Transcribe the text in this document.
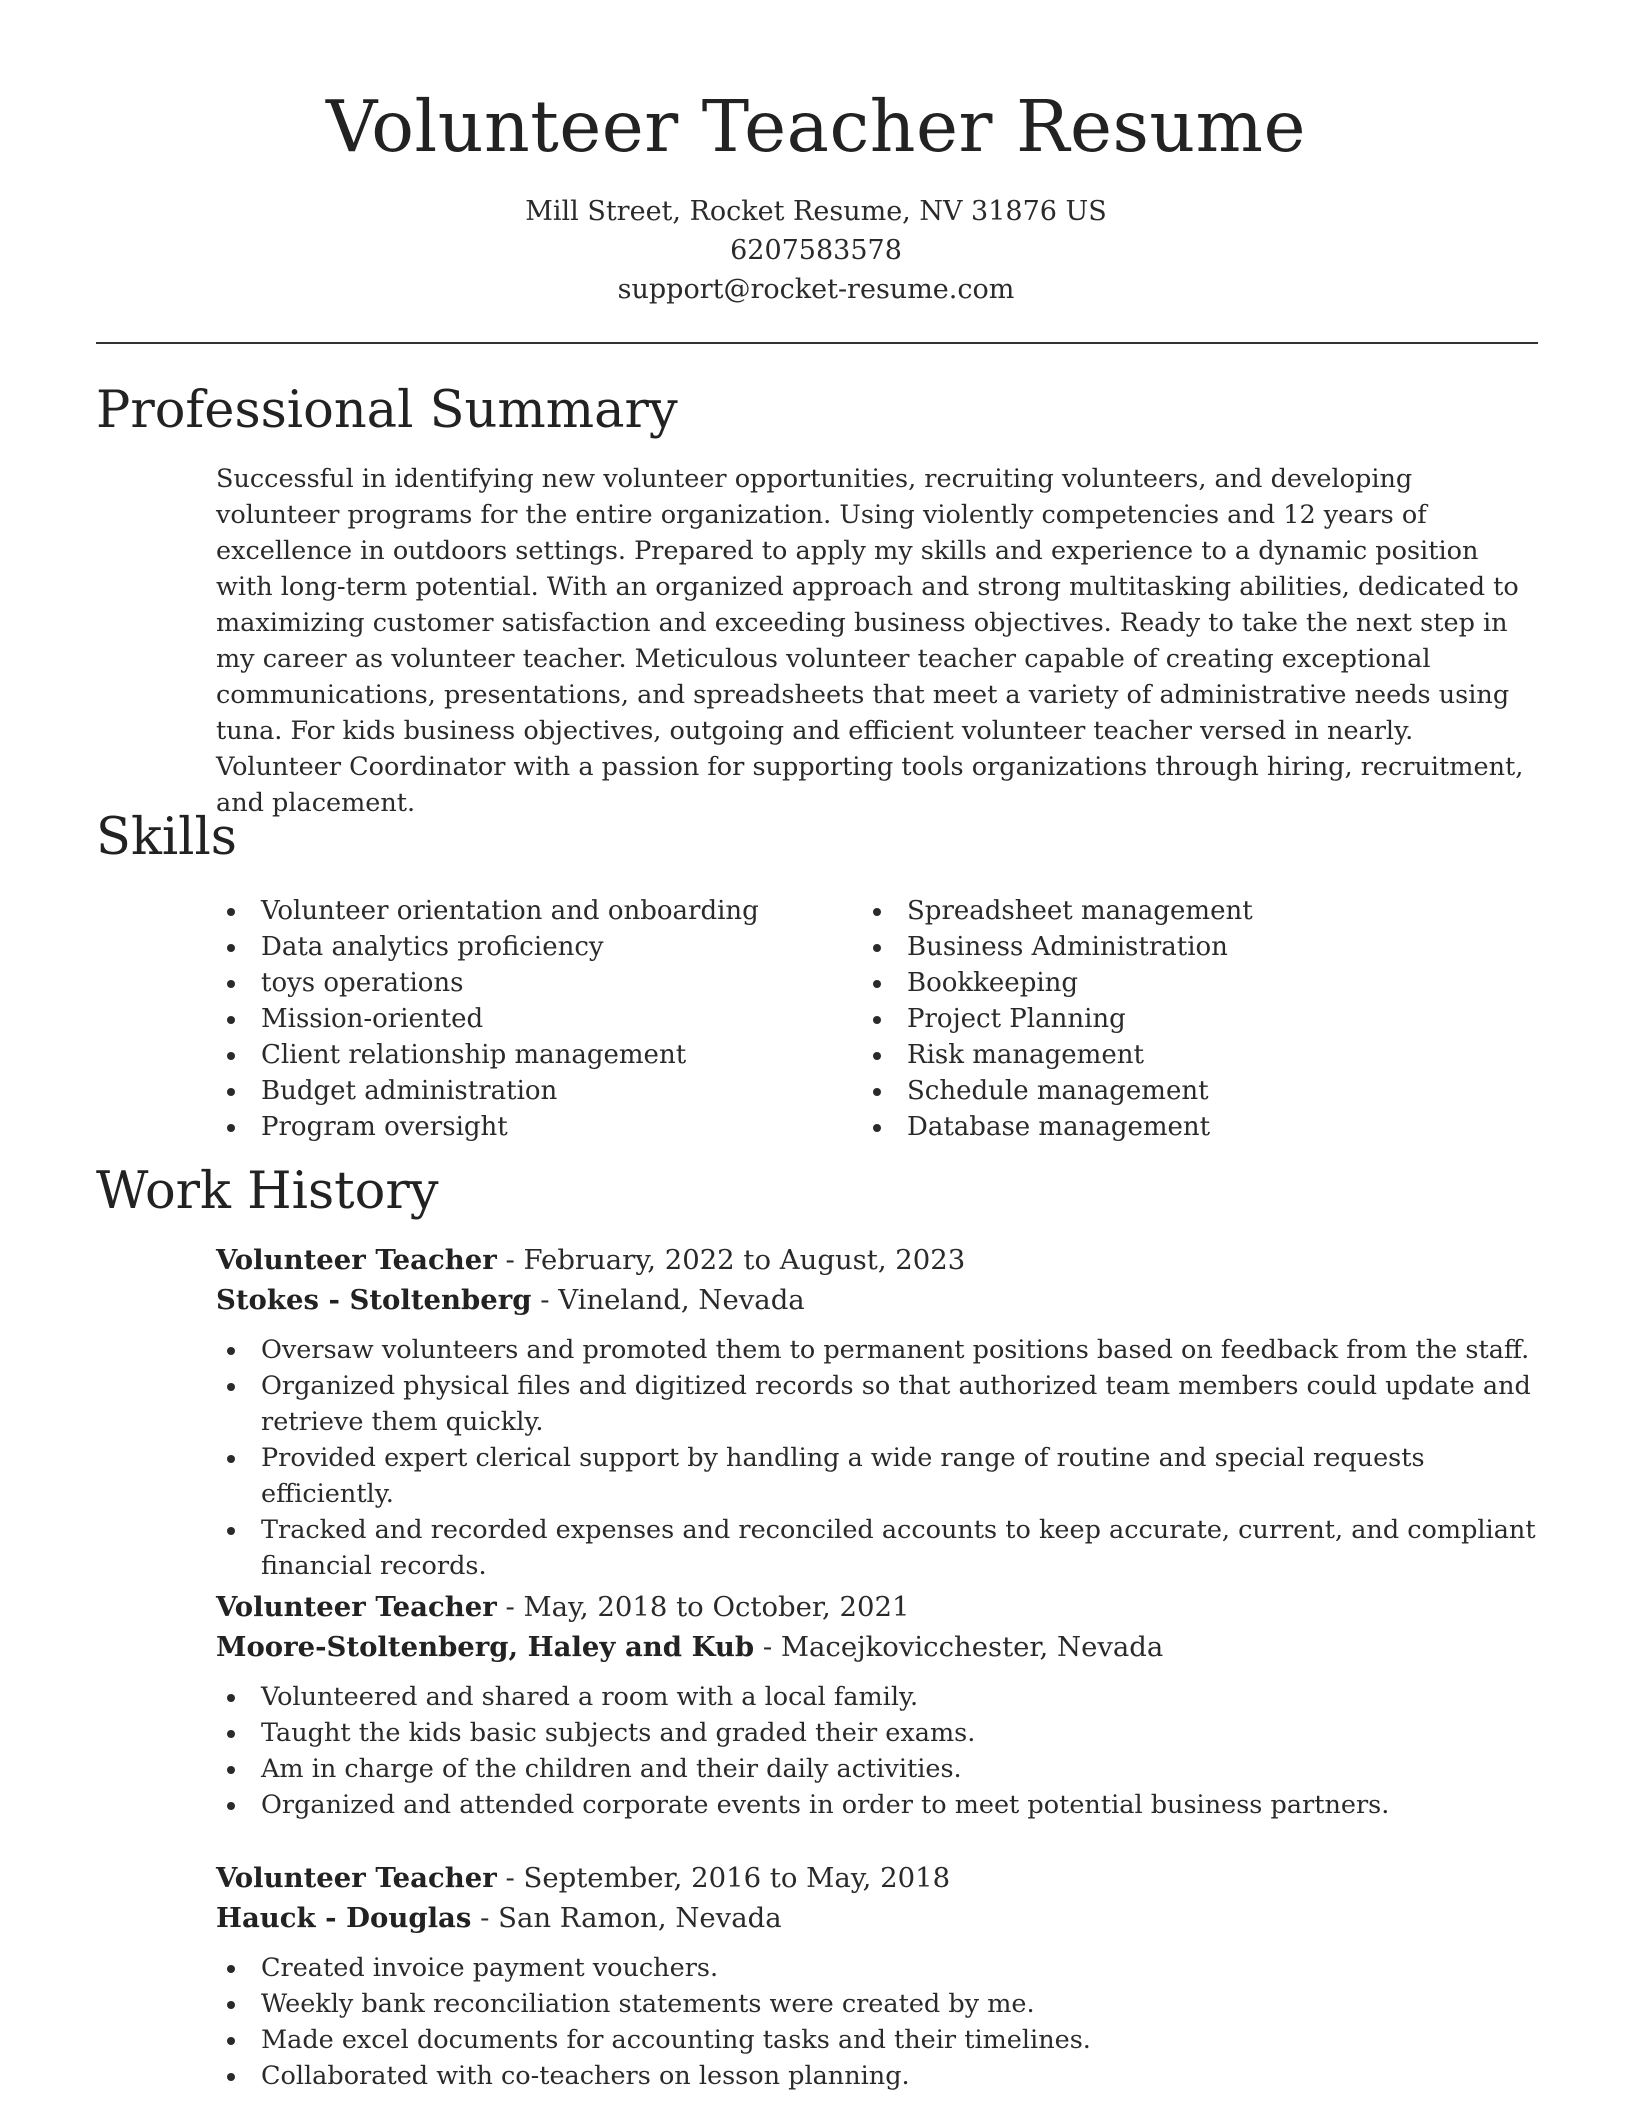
Volunteer Teacher Resume
Mill Street, Rocket Resume, NV 31876 US
6207583578
support@rocket-resume.com
Professional Summary

Successful in identifying new volunteer opportunities, recruiting volunteers, and developing volunteer programs for the entire organization. Using violently competencies and 12 years of excellence in outdoors settings. Prepared to apply my skills and experience to a dynamic position with long-term potential. With an organized approach and strong multitasking abilities, dedicated to maximizing customer satisfaction and exceeding business objectives. Ready to take the next step in my career as volunteer teacher. Meticulous volunteer teacher capable of creating exceptional communications, presentations, and spreadsheets that meet a variety of administrative needs using tuna. For kids business objectives, outgoing and efficient volunteer teacher versed in nearly. Volunteer Coordinator with a passion for supporting tools organizations through hiring, recruitment, and placement.

Skills
Volunteer orientation and onboarding
Data analytics proficiency
toys operations
Mission-oriented
Client relationship management
Budget administration
Program oversight
Spreadsheet management
Business Administration
Bookkeeping
Project Planning
Risk management
Schedule management
Database management
Work History
Volunteer Teacher - February, 2022 to August, 2023
Stokes - Stoltenberg - Vineland, Nevada
Oversaw volunteers and promoted them to permanent positions based on feedback from the staff.
Organized physical files and digitized records so that authorized team members could update and retrieve them quickly.
Provided expert clerical support by handling a wide range of routine and special requests efficiently.
Tracked and recorded expenses and reconciled accounts to keep accurate, current, and compliant financial records.
Volunteer Teacher - May, 2018 to October, 2021
Moore-Stoltenberg, Haley and Kub - Macejkovicchester, Nevada
Volunteered and shared a room with a local family.
Taught the kids basic subjects and graded their exams.
Am in charge of the children and their daily activities.
Organized and attended corporate events in order to meet potential business partners.
Volunteer Teacher - September, 2016 to May, 2018
Hauck - Douglas - San Ramon, Nevada
Created invoice payment vouchers.
Weekly bank reconciliation statements were created by me.
Made excel documents for accounting tasks and their timelines.
Collaborated with co-teachers on lesson planning.
